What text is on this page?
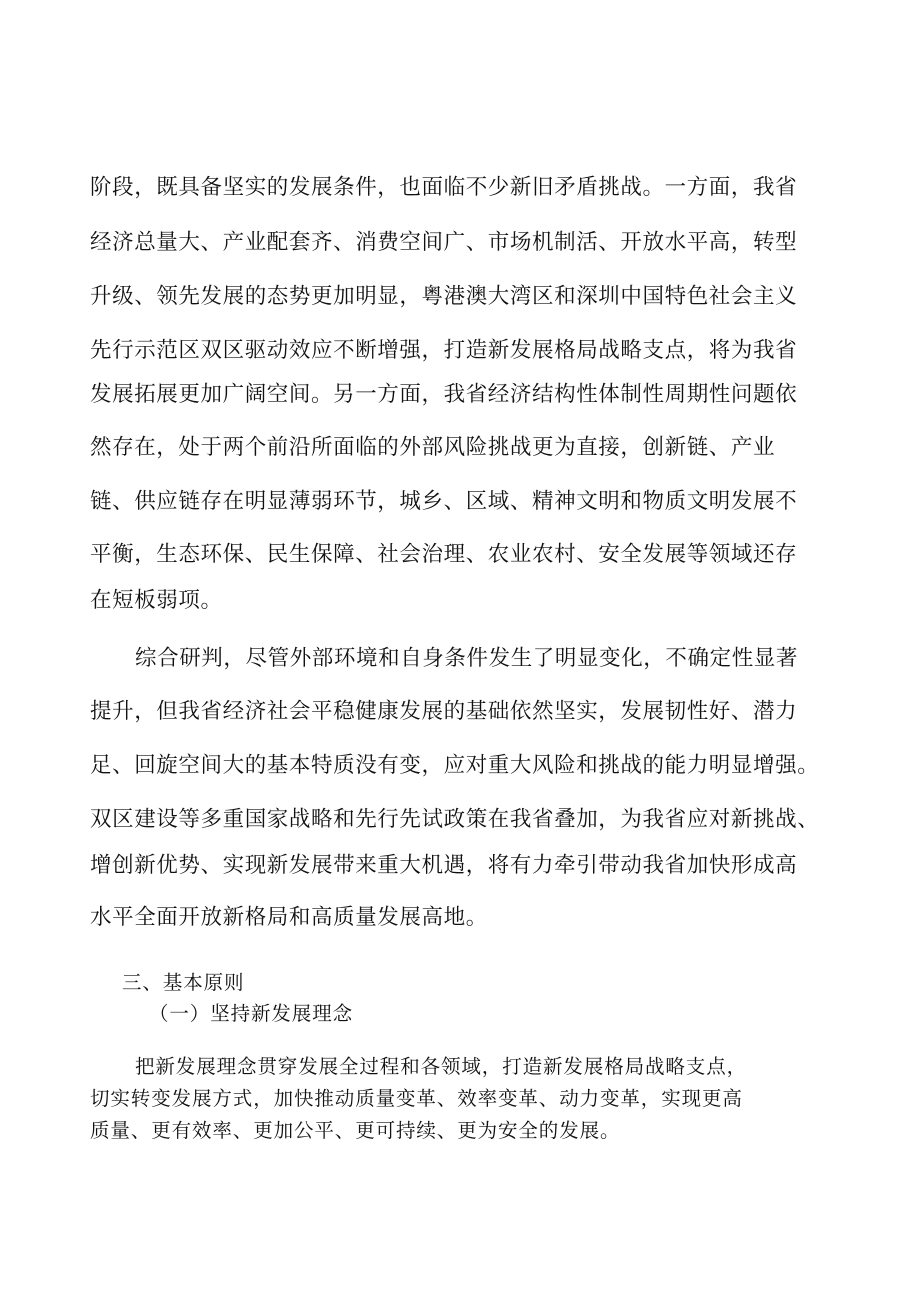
阶段，既具备坚实的发展条件，也面临不少新旧矛盾挑战。一方面，我省
经济总量大、产业配套齐、消费空间广、市场机制活、开放水平高，转型
升级、领先发展的态势更加明显，粤港澳大湾区和深圳中国特色社会主义
先行示范区双区驱动效应不断增强，打造新发展格局战略支点，将为我省
发展拓展更加广阔空间。另一方面，我省经济结构性体制性周期性问题依
然存在，处于两个前沿所面临的外部风险挑战更为直接，创新链、产业
链、供应链存在明显薄弱环节，城乡、区域、精神文明和物质文明发展不
平衡，生态环保、民生保障、社会治理、农业农村、安全发展等领域还存
在短板弱项。
综合研判，尽管外部环境和自身条件发生了明显变化，不确定性显著
提升，但我省经济社会平稳健康发展的基础依然坚实，发展韧性好、潜力
足、回旋空间大的基本特质没有变，应对重大风险和挑战的能力明显增强。
双区建设等多重国家战略和先行先试政策在我省叠加，为我省应对新挑战、
增创新优势、实现新发展带来重大机遇，将有力牵引带动我省加快形成高
水平全面开放新格局和高质量发展高地。
三、基本原则
（一）坚持新发展理念
把新发展理念贯穿发展全过程和各领域，打造新发展格局战略支点，
切实转变发展方式，加快推动质量变革、效率变革、动力变革，实现更高
质量、更有效率、更加公平、更可持续、更为安全的发展。
